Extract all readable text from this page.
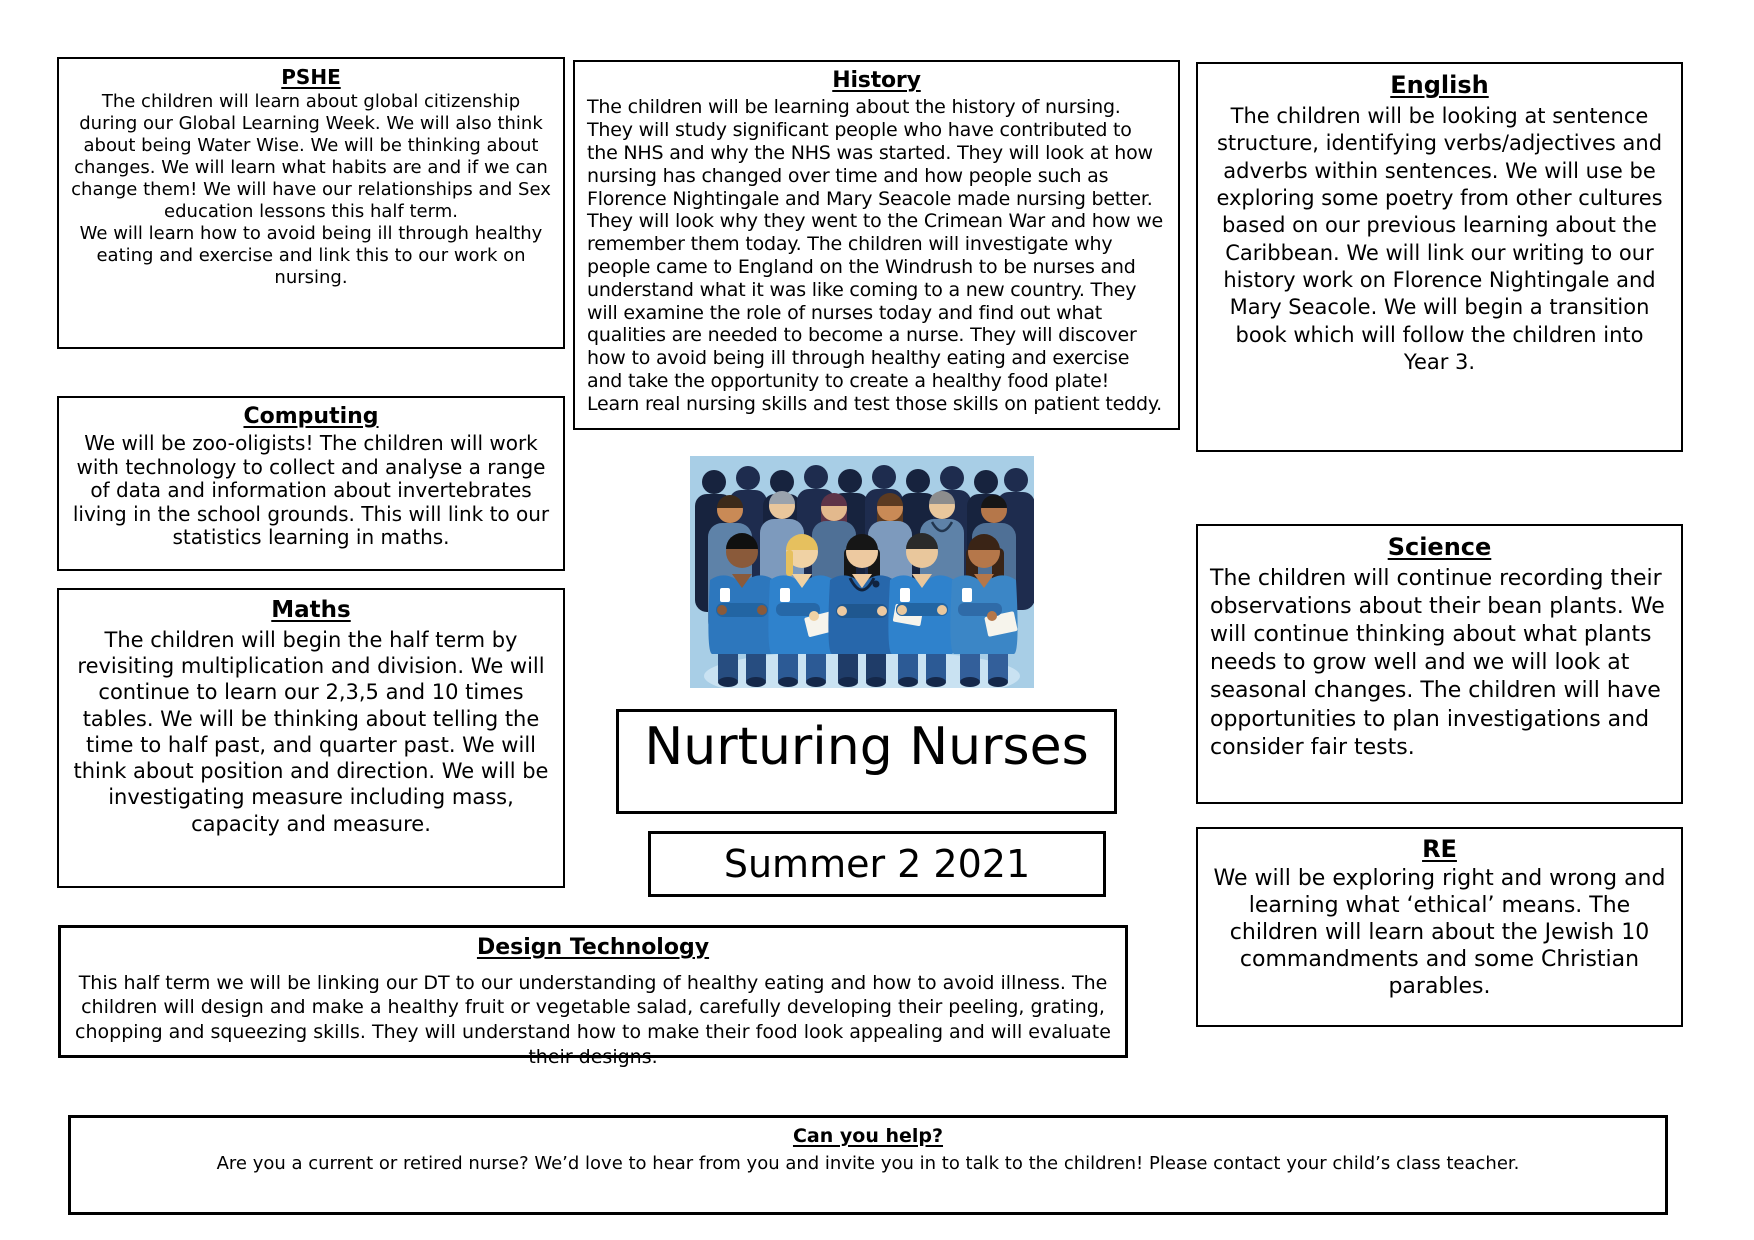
PSHE

The children will learn about global citizenship during our Global Learning Week. We will also think about being Water Wise. We will be thinking about changes. We will learn what habits are and if we can change them! We will have our relationships and Sex education lessons this half term.

We will learn how to avoid being ill through healthy eating and exercise and link this to our work on nursing.

Computing

We will be zoo-oligists! The children will work with technology to collect and analyse a range of data and information about invertebrates living in the school grounds. This will link to our statistics learning in maths.

Maths

The children will begin the half term by revisiting multiplication and division. We will continue to learn our 2,3,5 and 10 times tables. We will be thinking about telling the time to half past, and quarter past. We will think about position and direction. We will be investigating measure including mass, capacity and measure.

History

The children will be learning about the history of nursing. They will study significant people who have contributed to the NHS and why the NHS was started. They will look at how nursing has changed over time and how people such as Florence Nightingale and Mary Seacole made nursing better. They will look why they went to the Crimean War and how we remember them today. The children will investigate why people came to England on the Windrush to be nurses and understand what it was like coming to a new country. They will examine the role of nurses today and find out what qualities are needed to become a nurse. They will discover how to avoid being ill through healthy eating and exercise and take the opportunity to create a healthy food plate! Learn real nursing skills and test those skills on patient teddy.

Nurturing Nurses
Summer 2 2021
English

The children will be looking at sentence structure, identifying verbs/adjectives and adverbs within sentences. We will use be exploring some poetry from other cultures based on our previous learning about the Caribbean. We will link our writing to our history work on Florence Nightingale and Mary Seacole. We will begin a transition book which will follow the children into Year 3.

Science

The children will continue recording their observations about their bean plants. We will continue thinking about what plants needs to grow well and we will look at seasonal changes. The children will have opportunities to plan investigations and consider fair tests.

RE

We will be exploring right and wrong and learning what ‘ethical’ means. The children will learn about the Jewish 10 commandments and some Christian parables.

Design Technology

This half term we will be linking our DT to our understanding of healthy eating and how to avoid illness. The children will design and make a healthy fruit or vegetable salad, carefully developing their peeling, grating, chopping and squeezing skills. They will understand how to make their food look appealing and will evaluate their designs.

Can you help?

Are you a current or retired nurse? We’d love to hear from you and invite you in to talk to the children! Please contact your child’s class teacher.
